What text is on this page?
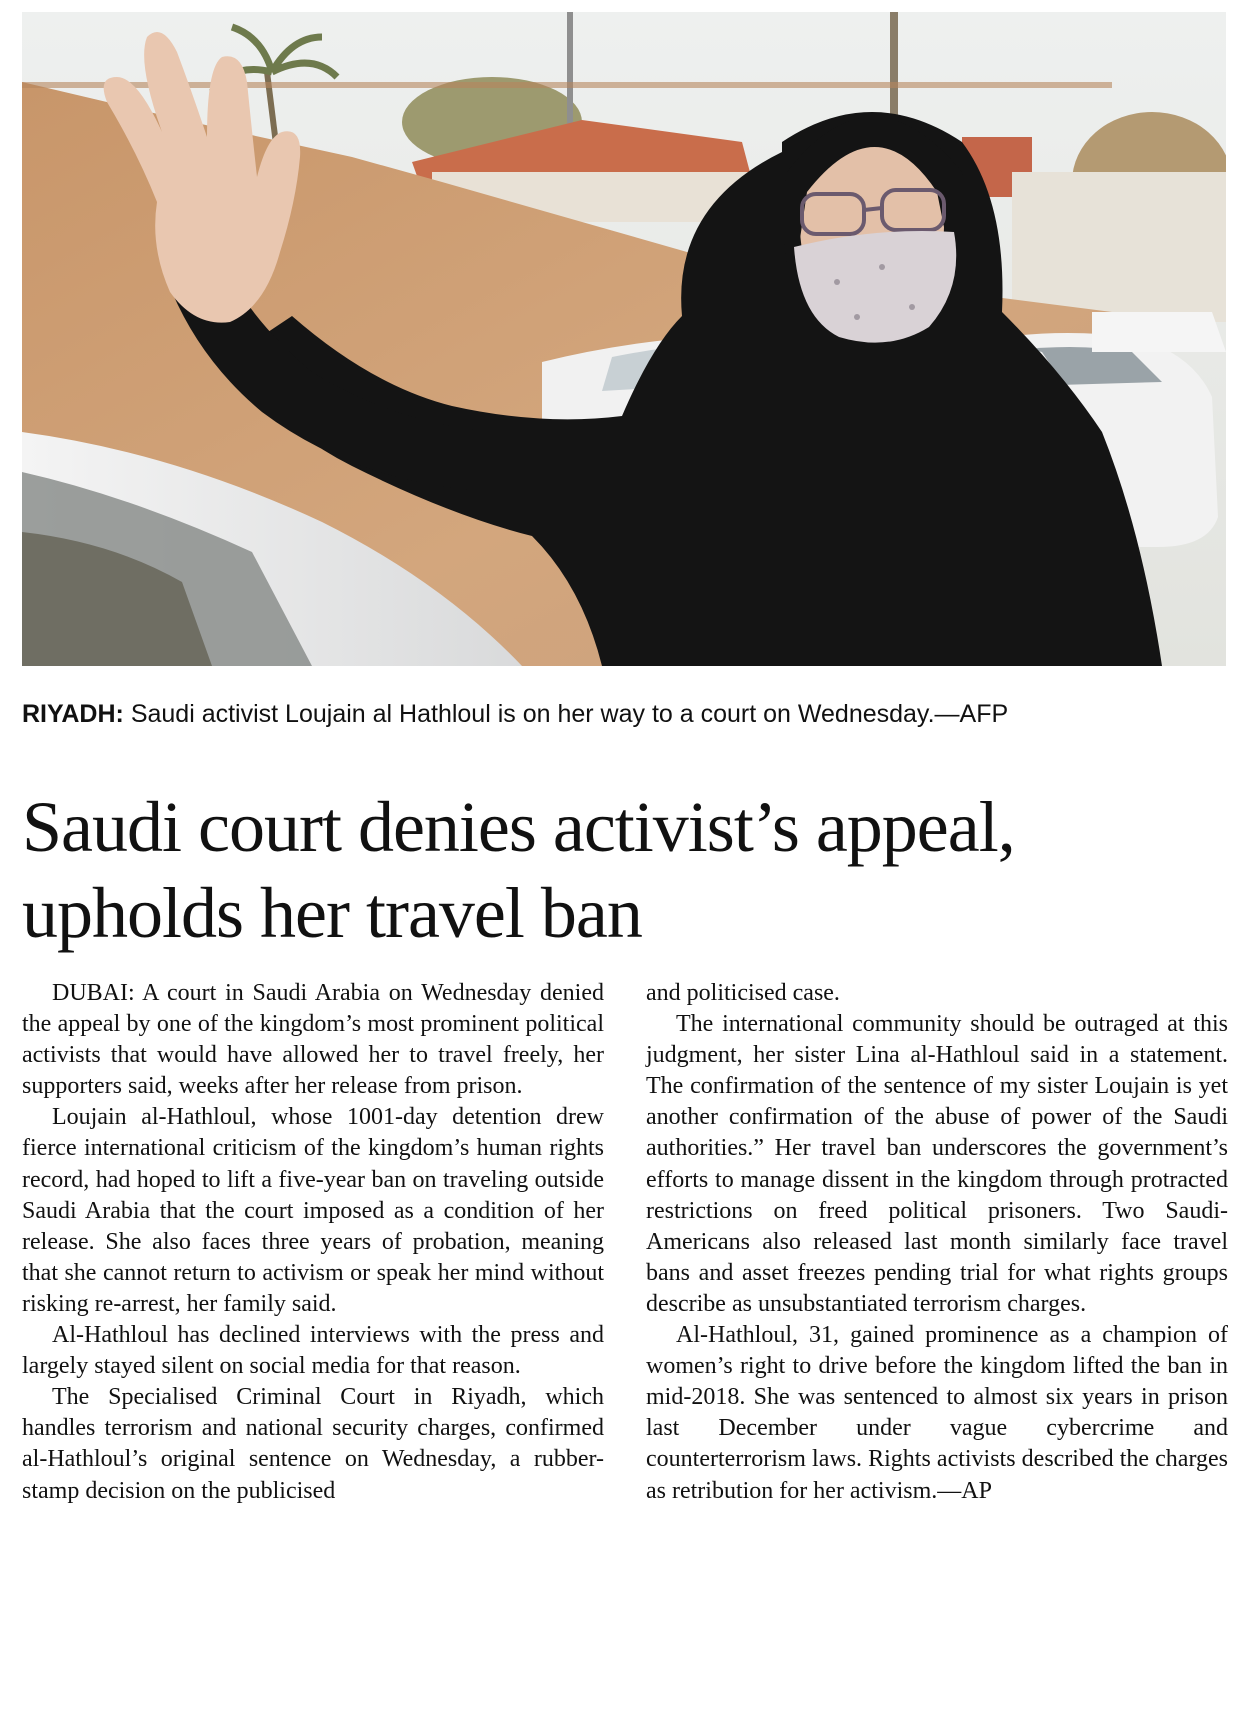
RIYADH: Saudi activist Loujain al Hathloul is on her way to a court on Wednesday.—AFP
Saudi court denies activist’s appeal,
upholds her travel ban

DUBAI: A court in Saudi Arabia on Wednesday denied the appeal by one of the kingdom’s most prominent political activists that would have allowed her to travel freely, her supporters said, weeks after her release from prison.

Loujain al-Hathloul, whose 1001-day detention drew fierce international criticism of the kingdom’s human rights record, had hoped to lift a five-year ban on traveling outside Saudi Arabia that the court imposed as a condition of her release. She also faces three years of probation, meaning that she cannot return to activism or speak her mind without risking re-arrest, her family said.

Al-Hathloul has declined interviews with the press and largely stayed silent on social media for that reason.

The Specialised Criminal Court in Riyadh, which handles terrorism and national security charges, confirmed al-Hathloul’s original sentence on Wednesday, a rubber-stamp decision on the publicised

and politicised case.

The international community should be outraged at this judgment, her sister Lina al-Hathloul said in a statement. The confirmation of the sentence of my sister Loujain is yet another confirmation of the abuse of power of the Saudi authorities.” Her travel ban underscores the government’s efforts to manage dissent in the kingdom through protracted restrictions on freed political prisoners. Two Saudi-Americans also released last month similarly face travel bans and asset freezes pending trial for what rights groups describe as unsubstantiated terrorism charges.

Al-Hathloul, 31, gained prominence as a champion of women’s right to drive before the kingdom lifted the ban in mid-2018. She was sentenced to almost six years in prison last December under vague cybercrime and counterterrorism laws. Rights activists described the charges as retribution for her activism.—AP
